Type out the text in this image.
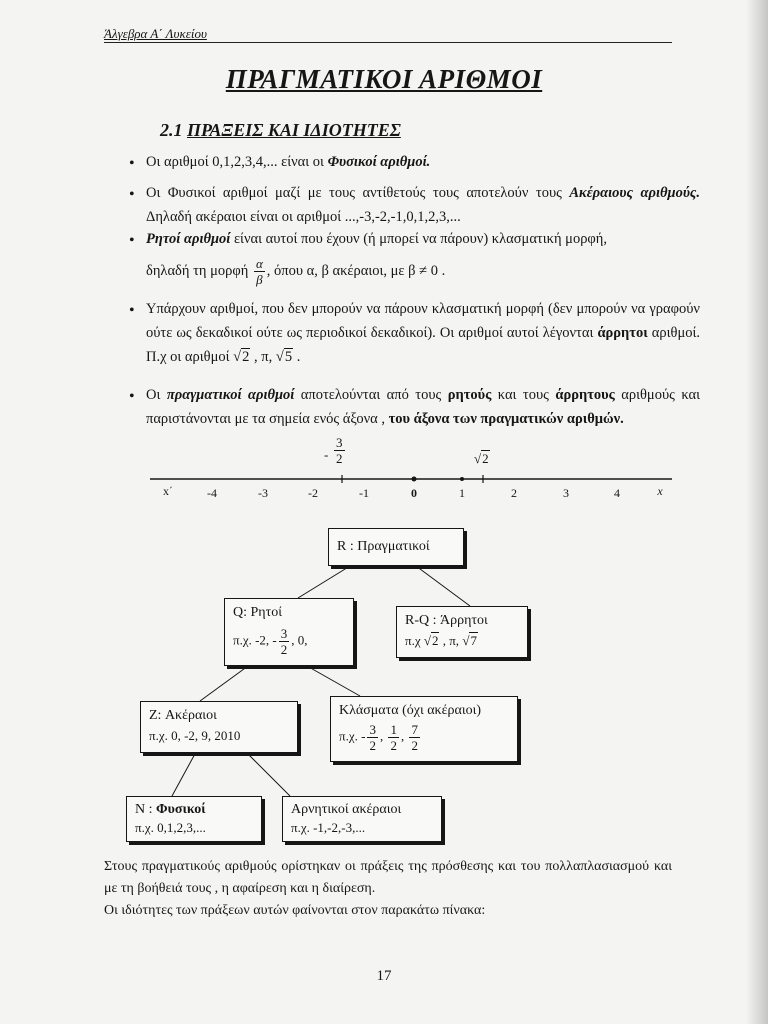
Άλγεβρα Α΄ Λυκείου
ΠΡΑΓΜΑΤΙΚΟΙ ΑΡΙΘΜΟΙ
2.1 ΠΡΑΞΕΙΣ ΚΑΙ ΙΔΙΟΤΗΤΕΣ
• Οι αριθμοί 0,1,2,3,4,... είναι οι Φυσικοί αριθμοί.
• Οι Φυσικοί αριθμοί μαζί με τους αντίθετούς τους αποτελούν τους Ακέραιους αριθμούς. Δηλαδή ακέραιοι είναι οι αριθμοί ...,-3,-2,-1,0,1,2,3,...
• Ρητοί αριθμοί είναι αυτοί που έχουν (ή μπορεί να πάρουν) κλασματική μορφή,
δηλαδή τη μορφή $\frac{\alpha}{\beta}$ , όπου α, β ακέραιοι, με β ≠ 0 .
• Υπάρχουν αριθμοί, που δεν μπορούν να πάρουν κλασματική μορφή (δεν μπορούν να γραφούν ούτε ως δεκαδικοί ούτε ως περιοδικοί δεκαδικοί). Οι αριθμοί αυτοί λέγονται άρρητοι αριθμοί. Π.χ οι αριθμοί √2 , π, √5 .
• Οι πραγματικοί αριθμοί αποτελούνται από τους ρητούς και τους άρρητους αριθμούς και παριστάνονται με τα σημεία ενός άξονα , του άξονα των πραγματικών αριθμών.
-
3
2	√2
x΄	-4	-3	-2	-1	0	1	2	3	4	x
R : Πραγματικοί
Q: Ρητοί
π.χ. -2, - $\frac{3}{2}$ , 0,
R-Q : Άρρητοι
π.χ √2 , π, √7
Z: Ακέραιοι
π.χ. 0, -2, 9, 2010
Κλάσματα (όχι ακέραιοι)
π.χ. - $\frac{3}{2}$ , $\frac{1}{2}$ , $\frac{7}{2}$
N : Φυσικοί
π.χ. 0,1,2,3,...
Αρνητικοί ακέραιοι
π.χ. -1,-2,-3,...
Στους πραγματικούς αριθμούς ορίστηκαν οι πράξεις της πρόσθεσης και του πολλαπλασιασμού και με τη βοήθειά τους , η αφαίρεση και η διαίρεση.
Οι ιδιότητες των πράξεων αυτών φαίνονται στον παρακάτω πίνακα:
17
